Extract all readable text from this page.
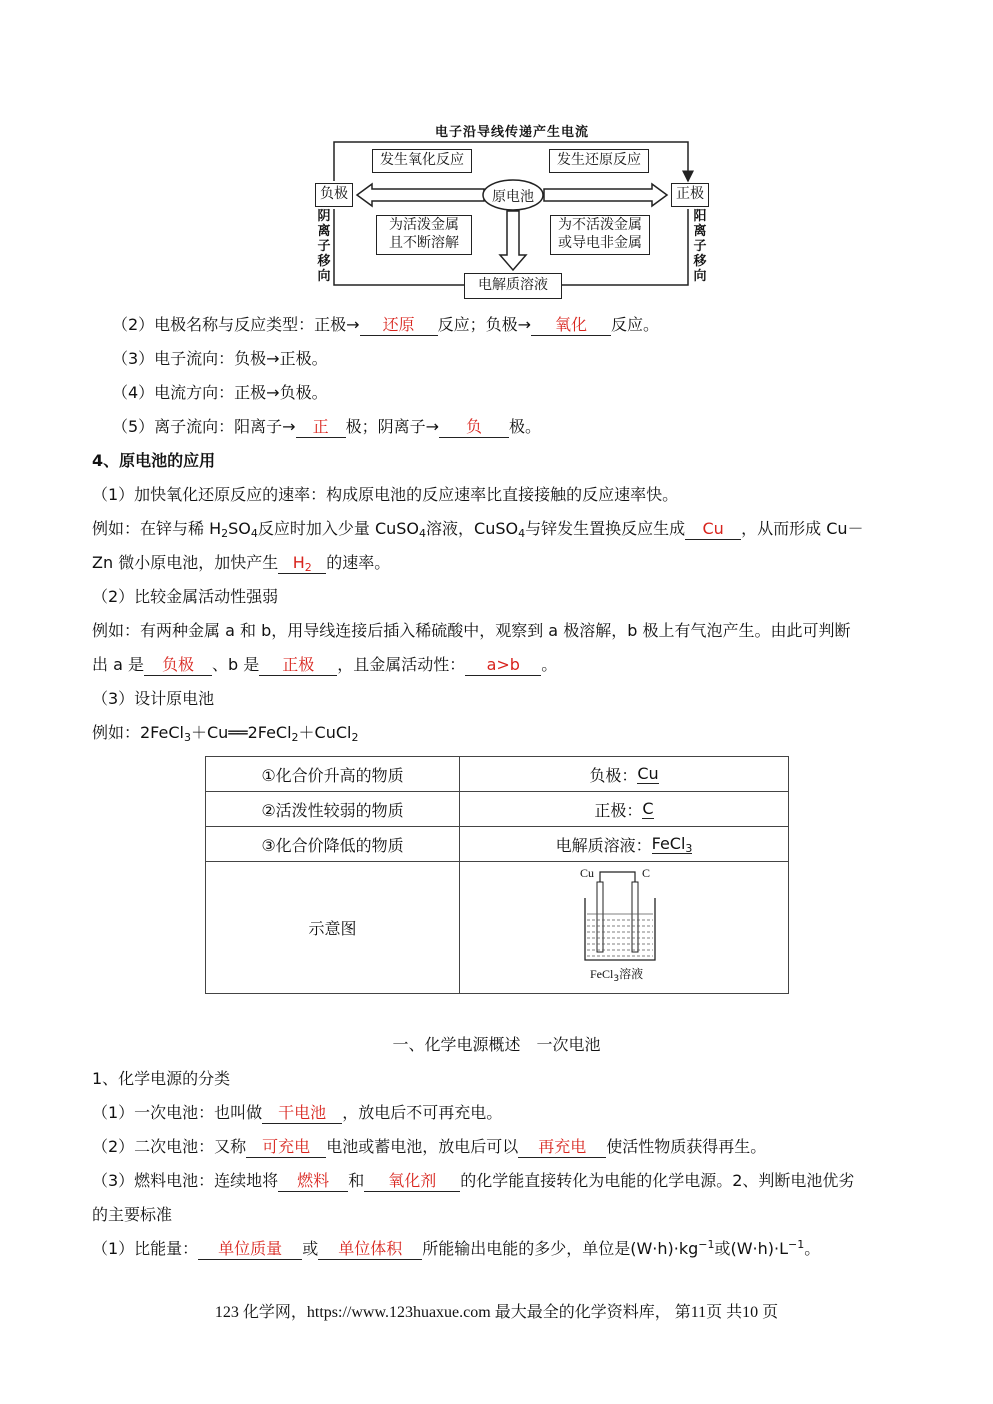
电子沿导线传递产生电流
发生氧化反应	发生还原反应
负极	正极
原电池
为活泼金属
且不断溶解
为不活泼金属
或导电非金属
电解质溶液
阴
离
子
移
向
阳
离
子
移
向
（2）电极名称与反应类型：正极→ 还原 反应；负极→ 氧化 反应。
（3）电子流向：负极→正极。
（4）电流方向：正极→负极。
（5）离子流向：阳离子→ 正 极；阴离子→ 负 极。
4、原电池的应用
（1）加快氧化还原反应的速率：构成原电池的反应速率比直接接触的反应速率快。
例如：在锌与稀 $H_2SO_4$反应时加入少量 CuSO$_4$溶液，CuSO$_4$与锌发生置换反应生成 Cu ，从而形成 Cu－
Zn 微小原电池，加快产生 $H_2$ 的速率。
（2）比较金属活动性强弱
例如：有两种金属 a 和 b，用导线连接后插入稀硫酸中，观察到 a 极溶解，b 极上有气泡产生。由此可判断
出 a 是 负极 、b 是 正极 ，且金属活动性： a>b 。
（3）设计原电池
例如：2FeCl$_3$＋Cu══2FeCl$_2$＋CuCl$_2$
①化合价升高的物质	负极： Cu
②活泼性较弱的物质	正极： C
③化合价降低的物质	电解质溶液： FeCl$_3$
示意图
Cu	C
FeCl$_3$溶液
一、化学电源概述　一次电池
1、化学电源的分类
（1）一次电池：也叫做 干电池 ，放电后不可再充电。
（2）二次电池：又称 可充电 电池或蓄电池，放电后可以 再充电 使活性物质获得再生。
（3）燃料电池：连续地将 燃料 和 氧化剂 的化学能直接转化为电能的化学电源。2、判断电池优劣
的主要标准
（1）比能量： 单位质量 或 单位体积 所能输出电能的多少，单位是$(W\cdot h)\cdot kg^{-1}$或$(W\cdot h)\cdot L^{-1}$。
123 化学网，https://www.123huaxue.com 最大最全的化学资料库， 第11页 共10 页
